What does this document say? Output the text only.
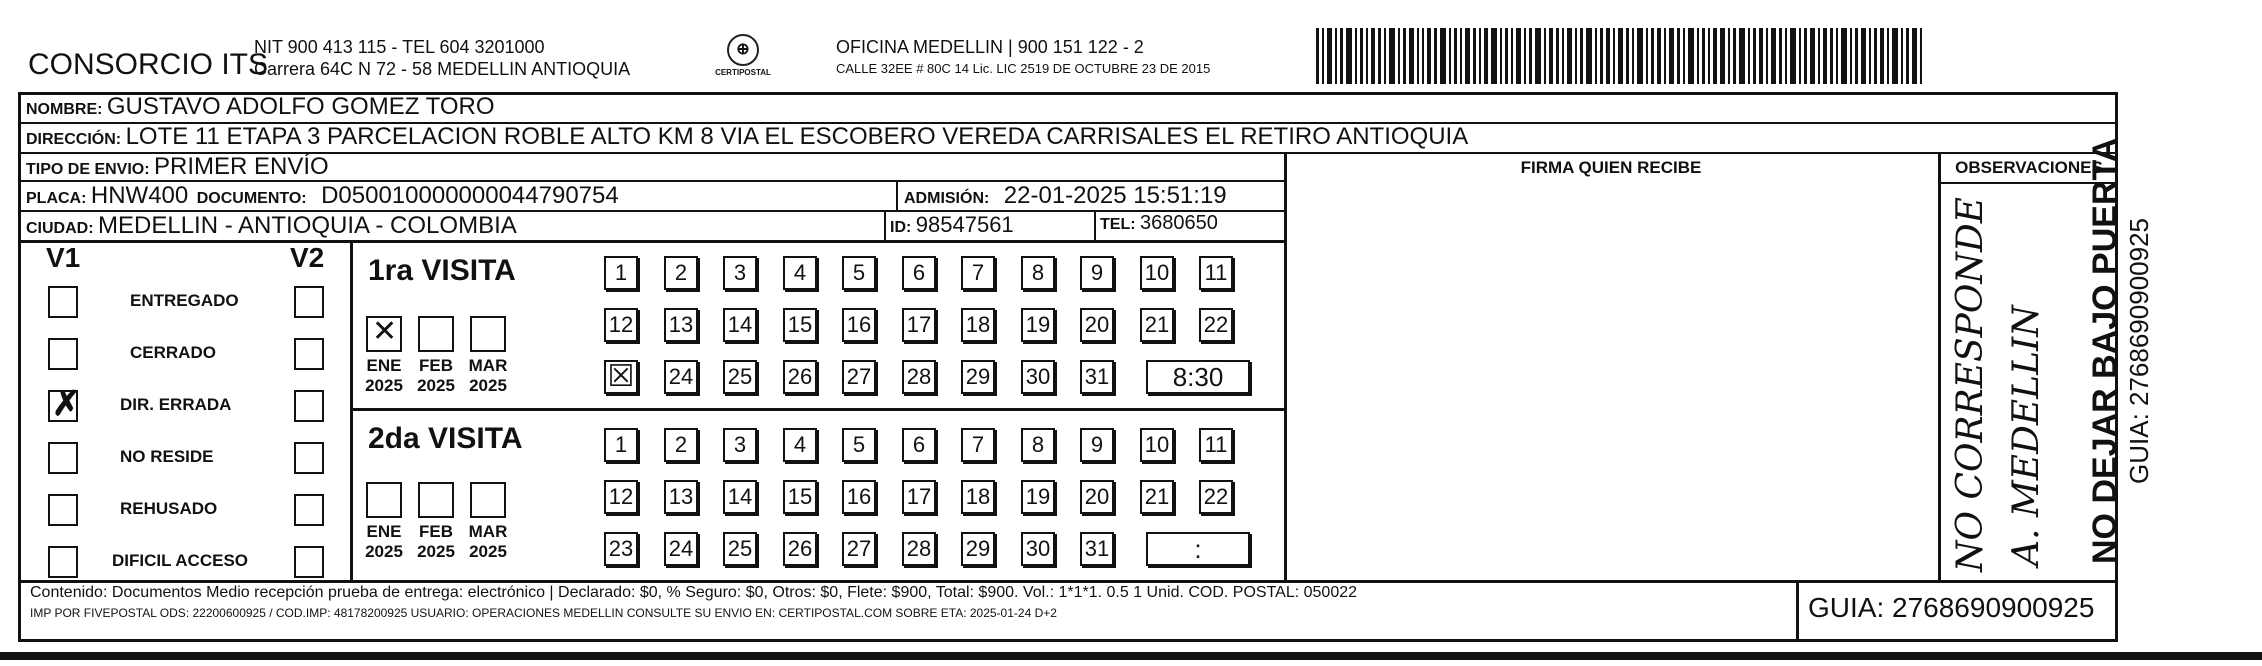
CONSORCIO ITS
NIT 900 413 115 - TEL 604 3201000
Carrera 64C N 72 - 58 MEDELLIN ANTIOQUIA
⊕
CERTIPOSTAL
OFICINA MEDELLIN | 900 151 122 - 2
CALLE 32EE # 80C 14 Lic. LIC 2519 DE OCTUBRE 23 DE 2015
NOMBRE: GUSTAVO ADOLFO GOMEZ TORO
DIRECCIÓN: LOTE 11 ETAPA 3 PARCELACION ROBLE ALTO KM 8 VIA EL ESCOBERO VEREDA CARRISALES EL RETIRO ANTIOQUIA
TIPO DE ENVIO: PRIMER ENVÍO
PLACA: HNW400 DOCUMENTO: D050010000000044790754	ADMISIÓN: 22-01-2025 15:51:19
CIUDAD: MEDELLIN - ANTIOQUIA - COLOMBIA	ID: 98547561	TEL: 3680650
FIRMA QUIEN RECIBE	OBSERVACIONES
NO CORRESPONDE A. MEDELLIN
V1	V2
ENTREGADO
CERRADO
✗ DIR. ERRADA
NO RESIDE
REHUSADO
DIFICIL ACCESO
1ra VISITA
✕
ENE
2025
FEB
2025
MAR
2025
1	2	3	4	5	6	7	8	9	10 11
12 13 14 15 16 17 18 19 20 21 22
☒ 24 25 26 27 28 29 30 31	8:30
2da VISITA
ENE
2025
FEB
2025
MAR
2025
1	2	3	4	5	6	7	8	9	10 11
12 13 14 15 16 17 18 19 20 21 22
23 24 25 26 27 28 29 30 31	:
Contenido: Documentos Medio recepción prueba de entrega: electrónico | Declarado: $0, % Seguro: $0, Otros: $0, Flete: $900, Total: $900. Vol.: 1*1*1. 0.5 1 Unid. COD. POSTAL: 050022
IMP POR FIVEPOSTAL ODS: 22200600925 / COD.IMP: 48178200925 USUARIO: OPERACIONES MEDELLIN CONSULTE SU ENVIO EN: CERTIPOSTAL.COM SOBRE ETA: 2025-01-24 D+2	GUIA: 2768690900925
NO DEJAR BAJO PUERTA GUIA: 2768690900925
